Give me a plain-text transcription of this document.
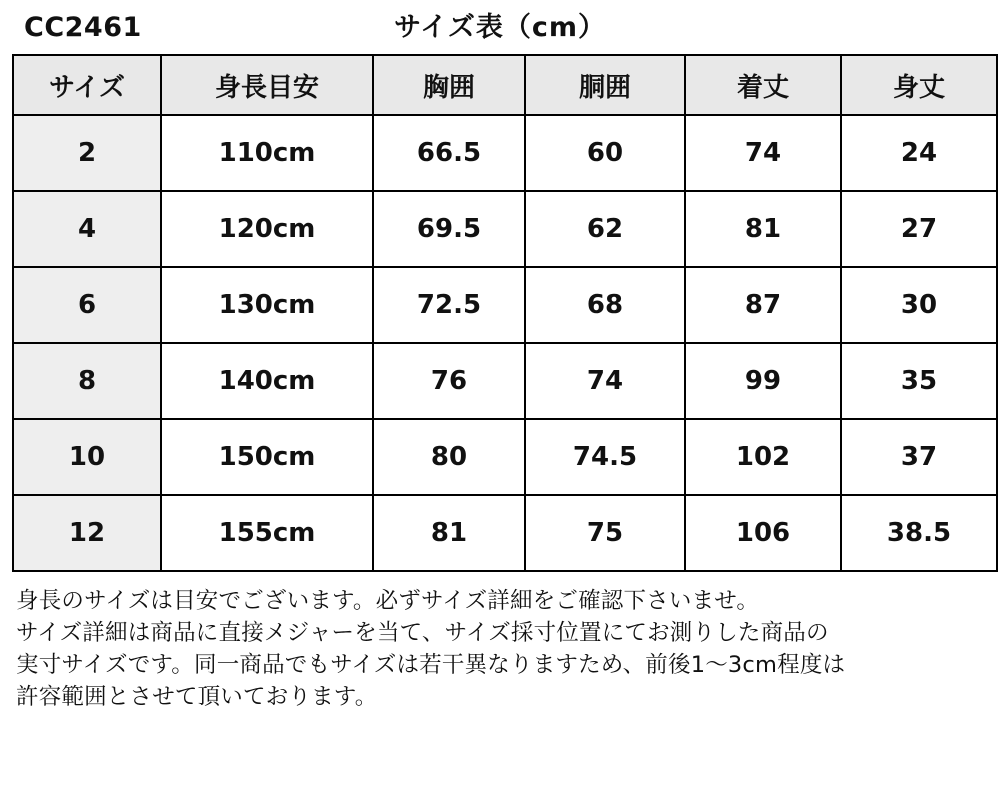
CC2461	サイズ表（cm）
サイズ	身長目安	胸囲	胴囲	着丈	身丈
2	110cm	66.5	60	74	24
4	120cm	69.5	62	81	27
6	130cm	72.5	68	87	30
8	140cm	76	74	99	35
10	150cm	80	74.5	102	37
12	155cm	81	75	106	38.5

身長のサイズは目安でございます。必ずサイズ詳細をご確認下さいませ。

サイズ詳細は商品に直接メジャーを当て、サイズ採寸位置にてお測りした商品の

実寸サイズです。同一商品でもサイズは若干異なりますため、前後1〜3cm程度は

許容範囲とさせて頂いております。
